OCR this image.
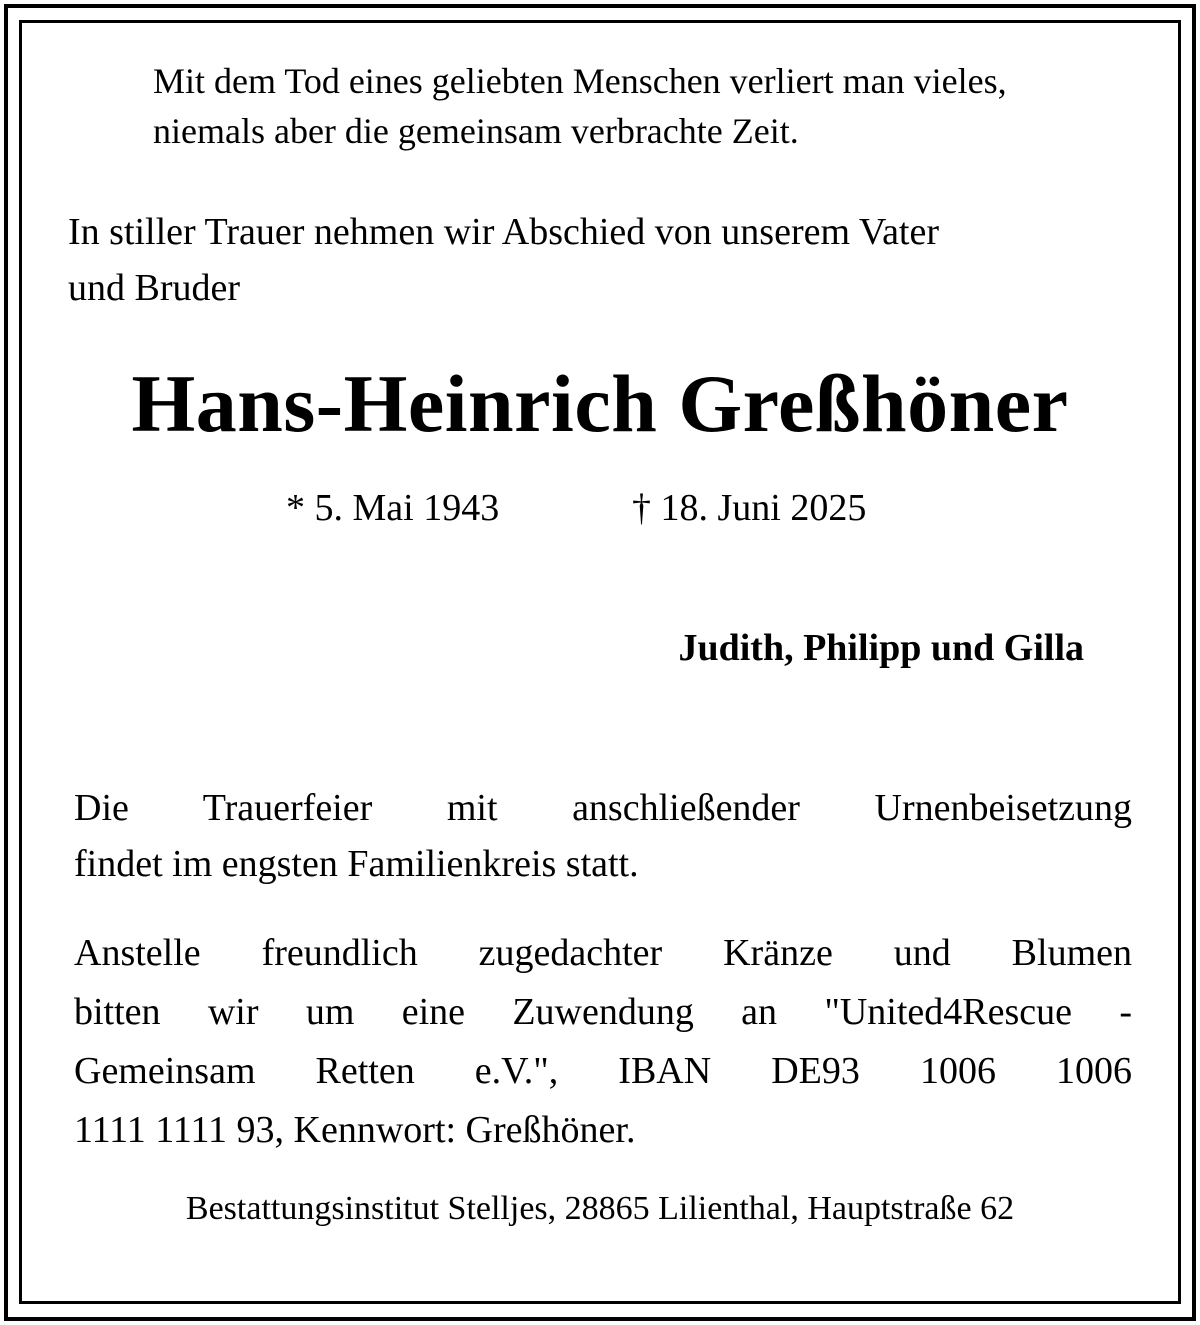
Mit dem Tod eines geliebten Menschen verliert man vieles,
niemals aber die gemeinsam verbrachte Zeit.
In stiller Trauer nehmen wir Abschied von unserem Vater
und Bruder
Hans-Heinrich Greßhöner
* 5. Mai 1943	† 18. Juni 2025
Judith, Philipp und Gilla
Die Trauerfeier mit anschließender Urnenbeisetzung
findet im engsten Familienkreis statt.
Anstelle freundlich zugedachter Kränze und Blumen
bitten wir um eine Zuwendung an "United4Rescue -
Gemeinsam Retten e.V.", IBAN DE93 1006 1006
1111 1111 93, Kennwort: Greßhöner.
Bestattungsinstitut Stelljes, 28865 Lilienthal, Hauptstraße 62
